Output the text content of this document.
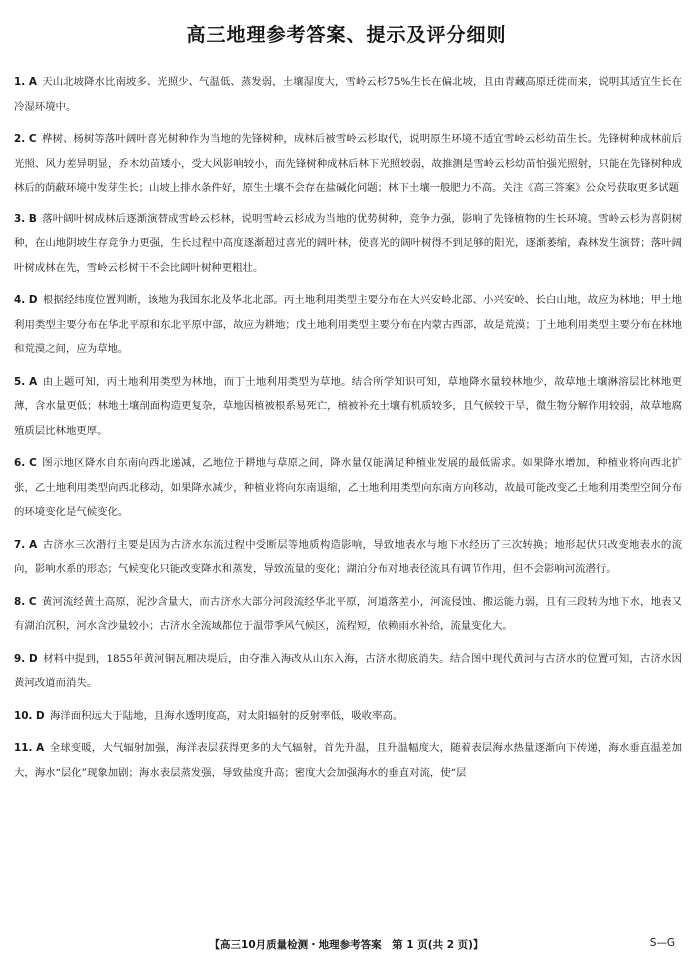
高三地理参考答案、提示及评分细则

1. A 天山北坡降水比南坡多、光照少、气温低、蒸发弱，土壤湿度大，雪岭云杉75%生长在偏北坡，且由青藏高原迁徙而来，说明其适宜生长在冷湿环境中。

2. C 桦树、杨树等落叶阔叶喜光树种作为当地的先锋树种，成林后被雪岭云杉取代，说明原生环境不适宜雪岭云杉幼苗生长。先锋树种成林前后光照、风力差异明显，乔木幼苗矮小，受大风影响较小，而先锋树种成林后林下光照较弱，故推测是雪岭云杉幼苗怕强光照射，只能在先锋树种成林后的荫蔽环境中发芽生长；山坡上排水条件好，原生土壤不会存在盐碱化问题；林下土壤一般肥力不高。关注《高三答案》公众号获取更多试题

3. B 落叶阔叶树成林后逐渐演替成雪岭云杉林，说明雪岭云杉成为当地的优势树种，竞争力强，影响了先锋植物的生长环境。雪岭云杉为喜阴树种，在山地阴坡生存竞争力更强，生长过程中高度逐渐超过喜光的阔叶林，使喜光的阔叶树得不到足够的阳光，逐渐萎缩，森林发生演替；落叶阔叶树成林在先，雪岭云杉树干不会比阔叶树种更粗壮。

4. D 根据经纬度位置判断，该地为我国东北及华北北部。丙土地利用类型主要分布在大兴安岭北部、小兴安岭、长白山地，故应为林地；甲土地利用类型主要分布在华北平原和东北平原中部，故应为耕地；戊土地利用类型主要分布在内蒙古西部，故是荒漠；丁土地利用类型主要分布在林地和荒漠之间，应为草地。

5. A 由上题可知，丙土地利用类型为林地，而丁土地利用类型为草地。结合所学知识可知，草地降水量较林地少，故草地土壤淋溶层比林地更薄，含水量更低；林地土壤剖面构造更复杂，草地因植被根系易死亡，植被补充土壤有机质较多，且气候较干旱，微生物分解作用较弱，故草地腐殖质层比林地更厚。

6. C 图示地区降水自东南向西北递减，乙地位于耕地与草原之间，降水量仅能满足种植业发展的最低需求。如果降水增加，种植业将向西北扩张，乙土地利用类型向西北移动，如果降水减少，种植业将向东南退缩，乙土地利用类型向东南方向移动，故最可能改变乙土地利用类型空间分布的环境变化是气候变化。

7. A 古济水三次潜行主要是因为古济水东流过程中受断层等地质构造影响，导致地表水与地下水经历了三次转换；地形起伏只改变地表水的流向，影响水系的形态；气候变化只能改变降水和蒸发，导致流量的变化；湖泊分布对地表径流具有调节作用，但不会影响河流潜行。

8. C 黄河流经黄土高原，泥沙含量大，而古济水大部分河段流经华北平原，河道落差小，河流侵蚀、搬运能力弱，且有三段转为地下水，地表又有湖泊沉积，河水含沙量较小；古济水全流域都位于温带季风气候区，流程短，依赖雨水补给，流量变化大。

9. D 材料中提到，1855年黄河铜瓦厢决堤后，由夺淮入海改从山东入海，古济水彻底消失。结合图中现代黄河与古济水的位置可知，古济水因黄河改道而消失。

10. D 海洋面积远大于陆地，且海水透明度高，对太阳辐射的反射率低，吸收率高。

11. A 全球变暖，大气辐射加强，海洋表层获得更多的大气辐射，首先升温，且升温幅度大，随着表层海水热量逐渐向下传递，海水垂直温差加大，海水“层化”现象加剧；海水表层蒸发强，导致盐度升高；密度大会加强海水的垂直对流，使“层

【高三10月质量检测・地理参考答案　第 1 页(共 2 页)】	S—G
